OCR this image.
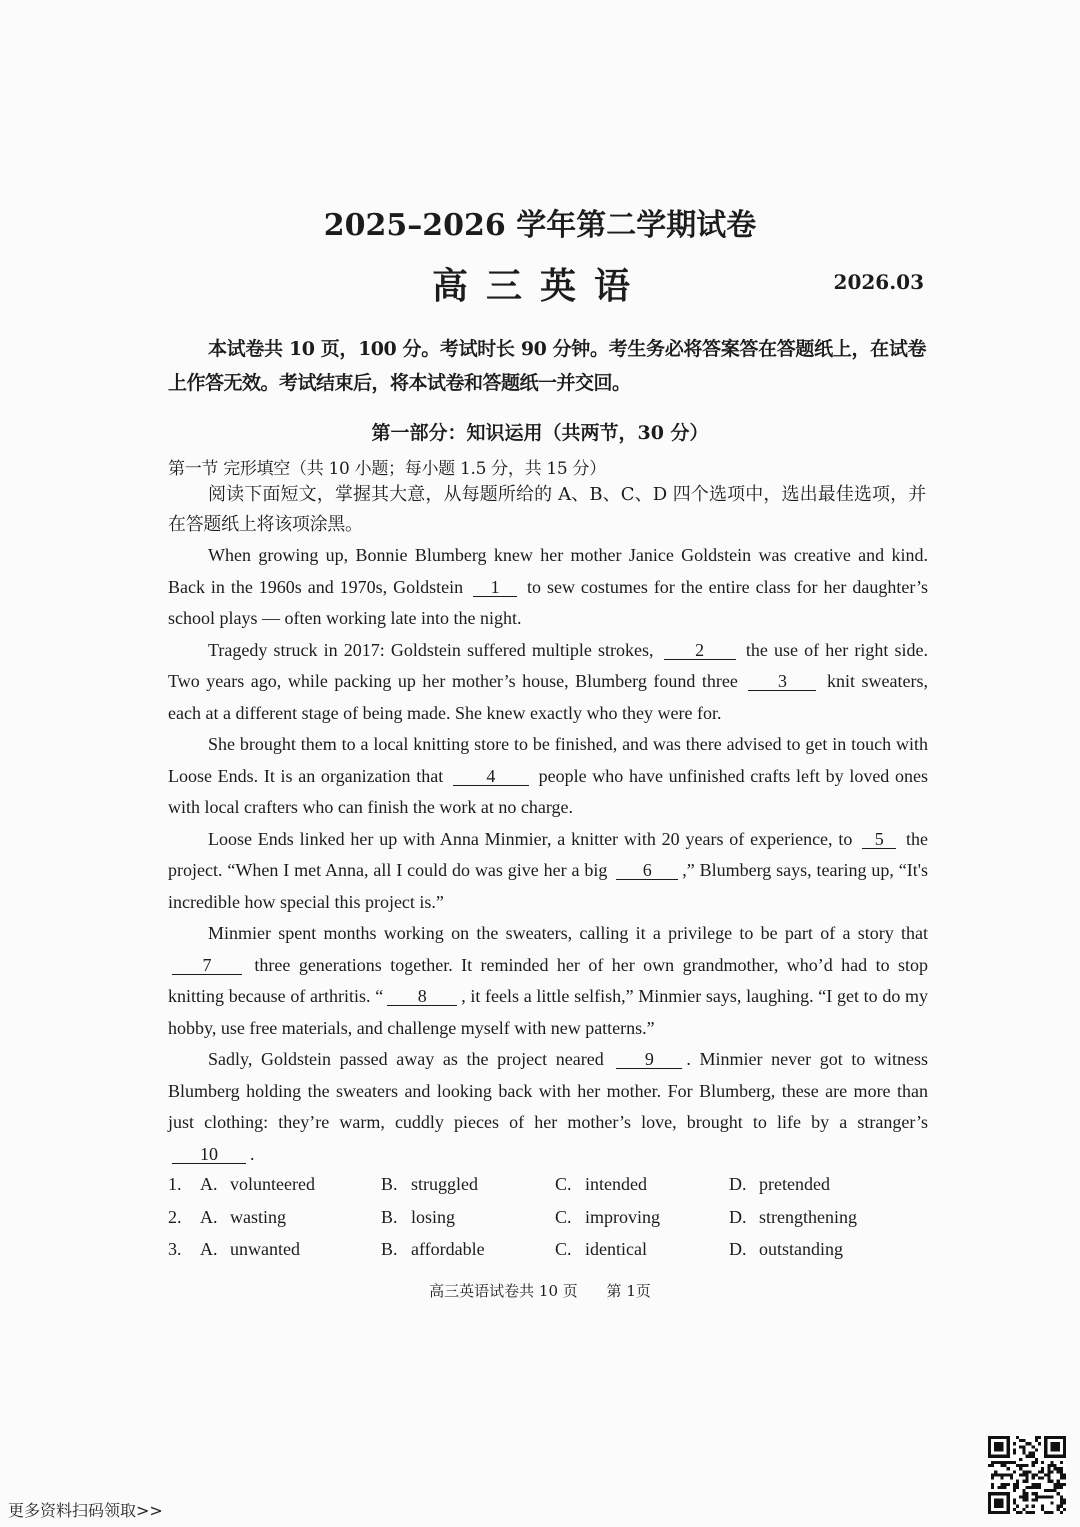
2025–2026 学年第二学期试卷
高三英语	2026.03
本试卷共 10 页，100 分。考试时长 90 分钟。考生务必将答案答在答题纸上，在试卷上作答无效。考试结束后，将本试卷和答题纸一并交回。
第一部分：知识运用（共两节，30 分）
第一节 完形填空（共 10 小题；每小题 1.5 分，共 15 分）
阅读下面短文，掌握其大意，从每题所给的 A、B、C、D 四个选项中，选出最佳选项，并在答题纸上将该项涂黑。

When growing up, Bonnie Blumberg knew her mother Janice Goldstein was creative and kind. Back in the 1960s and 1970s, Goldstein 1 to sew costumes for the entire class for her daughter’s school plays — often working late into the night.

Tragedy struck in 2017: Goldstein suffered multiple strokes, 2 the use of her right side. Two years ago, while packing up her mother’s house, Blumberg found three 3 knit sweaters, each at a different stage of being made. She knew exactly who they were for.

She brought them to a local knitting store to be finished, and was there advised to get in touch with Loose Ends. It is an organization that 4 people who have unfinished crafts left by loved ones with local crafters who can finish the work at no charge.

Loose Ends linked her up with Anna Minmier, a knitter with 20 years of experience, to 5 the project. “When I met Anna, all I could do was give her a big 6 ,” Blumberg says, tearing up, “It's incredible how special this project is.”

Minmier spent months working on the sweaters, calling it a privilege to be part of a story that 7 three generations together. It reminded her of her own grandmother, who’d had to stop knitting because of arthritis. “ 8 , it feels a little selfish,” Minmier says, laughing. “I get to do my hobby, use free materials, and challenge myself with new patterns.”

Sadly, Goldstein passed away as the project neared 9 . Minmier never got to witness Blumberg holding the sweaters and looking back with her mother. For Blumberg, these are more than just clothing: they’re warm, cuddly pieces of her mother’s love, brought to life by a stranger’s 10 .

1. A. volunteered	B. struggled	C. intended	D. pretended
2. A. wasting	B. losing	C. improving	D. strengthening
3. A. unwanted	B. affordable	C. identical	D. outstanding
高三英语试卷共 10 页 第 1页
更多资料扫码领取>>
